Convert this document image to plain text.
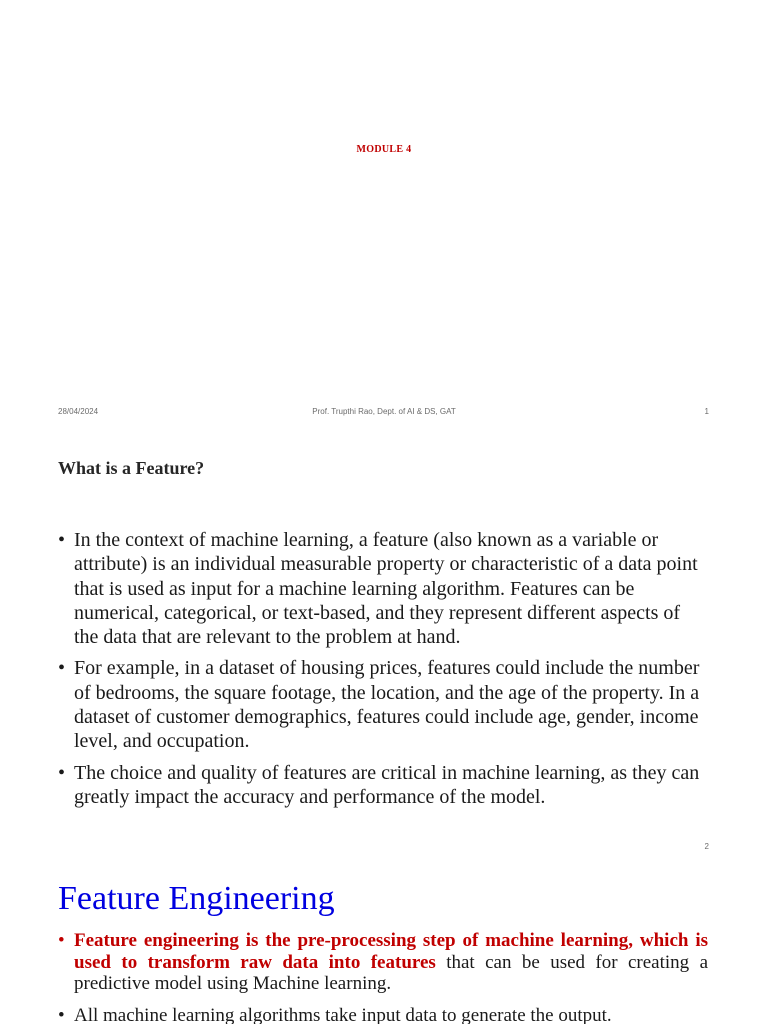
MODULE 4
28/04/2024	Prof. Trupthi Rao, Dept. of AI & DS, GAT	1
What is a Feature?
• In the context of machine learning, a feature (also known as a variable or attribute) is an individual measurable property or characteristic of a data point that is used as input for a machine learning algorithm. Features can be numerical, categorical, or text-based, and they represent different aspects of the data that are relevant to the problem at hand.
• For example, in a dataset of housing prices, features could include the number of bedrooms, the square footage, the location, and the age of the property. In a dataset of customer demographics, features could include age, gender, income level, and occupation.
• The choice and quality of features are critical in machine learning, as they can greatly impact the accuracy and performance of the model.
2
Feature Engineering
• Feature engineering is the pre-processing step of machine learning, which is used to transform raw data into features that can be used for creating a predictive model using Machine learning.
• All machine learning algorithms take input data to generate the output.
